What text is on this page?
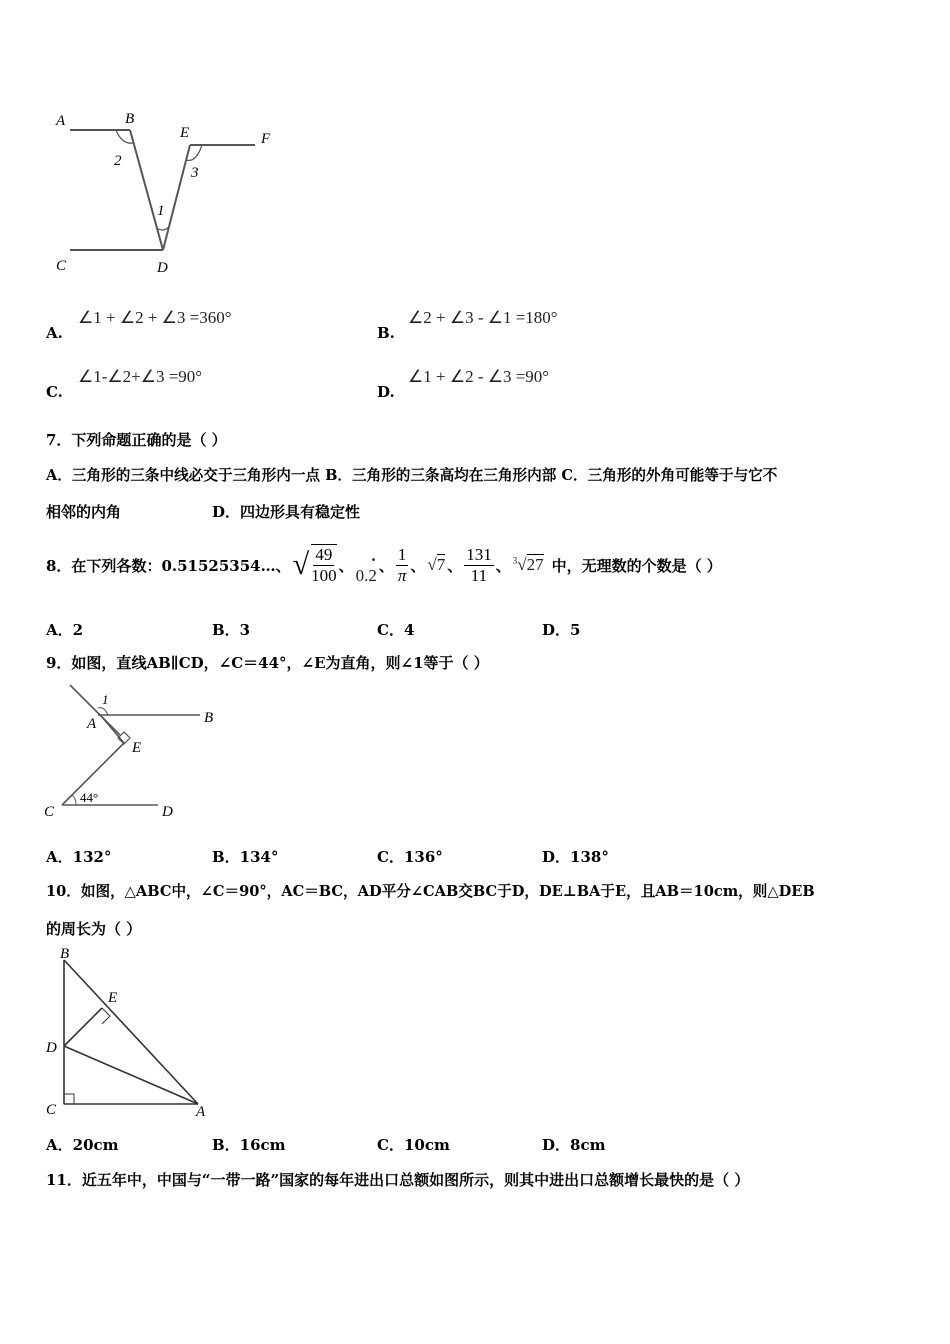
A	B
E	F
C	D
1
2
3
A.
∠1 + ∠2 + ∠3 =360°
B.
∠2 + ∠3 - ∠1 =180°
C.
∠1-∠2+∠3 =90°
D.
∠1 + ∠2 - ∠3 =90°
7．下列命题正确的是（ ）
A．三角形的三条中线必交于三角形内一点 B．三角形的三条高均在三角形内部 C．三角形的外角可能等于与它不
相邻的内角	D．四边形具有稳定性
8．在下列各数：0.51525354…、 √ $\frac{49}{100}$ 、
0.2
· 、 $\frac{1}{\pi}$ 、 √7 、 $\frac{131}{11}$ 、 $^3$√27 中，无理数的个数是（ ）
A．2	B．3	C．4	D．5
9．如图，直线AB∥CD，∠C＝44°，∠E为直角，则∠1等于（ ）
1
A	B
E
C
44°
D
A．132°	B．134°	C．136°	D．138°
10．如图，△ABC中，∠C＝90°，AC＝BC，AD平分∠CAB交BC于D，DE⊥BA于E，且AB＝10cm，则△DEB
的周长为（ ）
B
E
D
C	A
A．20cm	B．16cm	C．10cm	D．8cm
11．近五年中，中国与“一带一路”国家的每年进出口总额如图所示，则其中进出口总额增长最快的是（ ）
